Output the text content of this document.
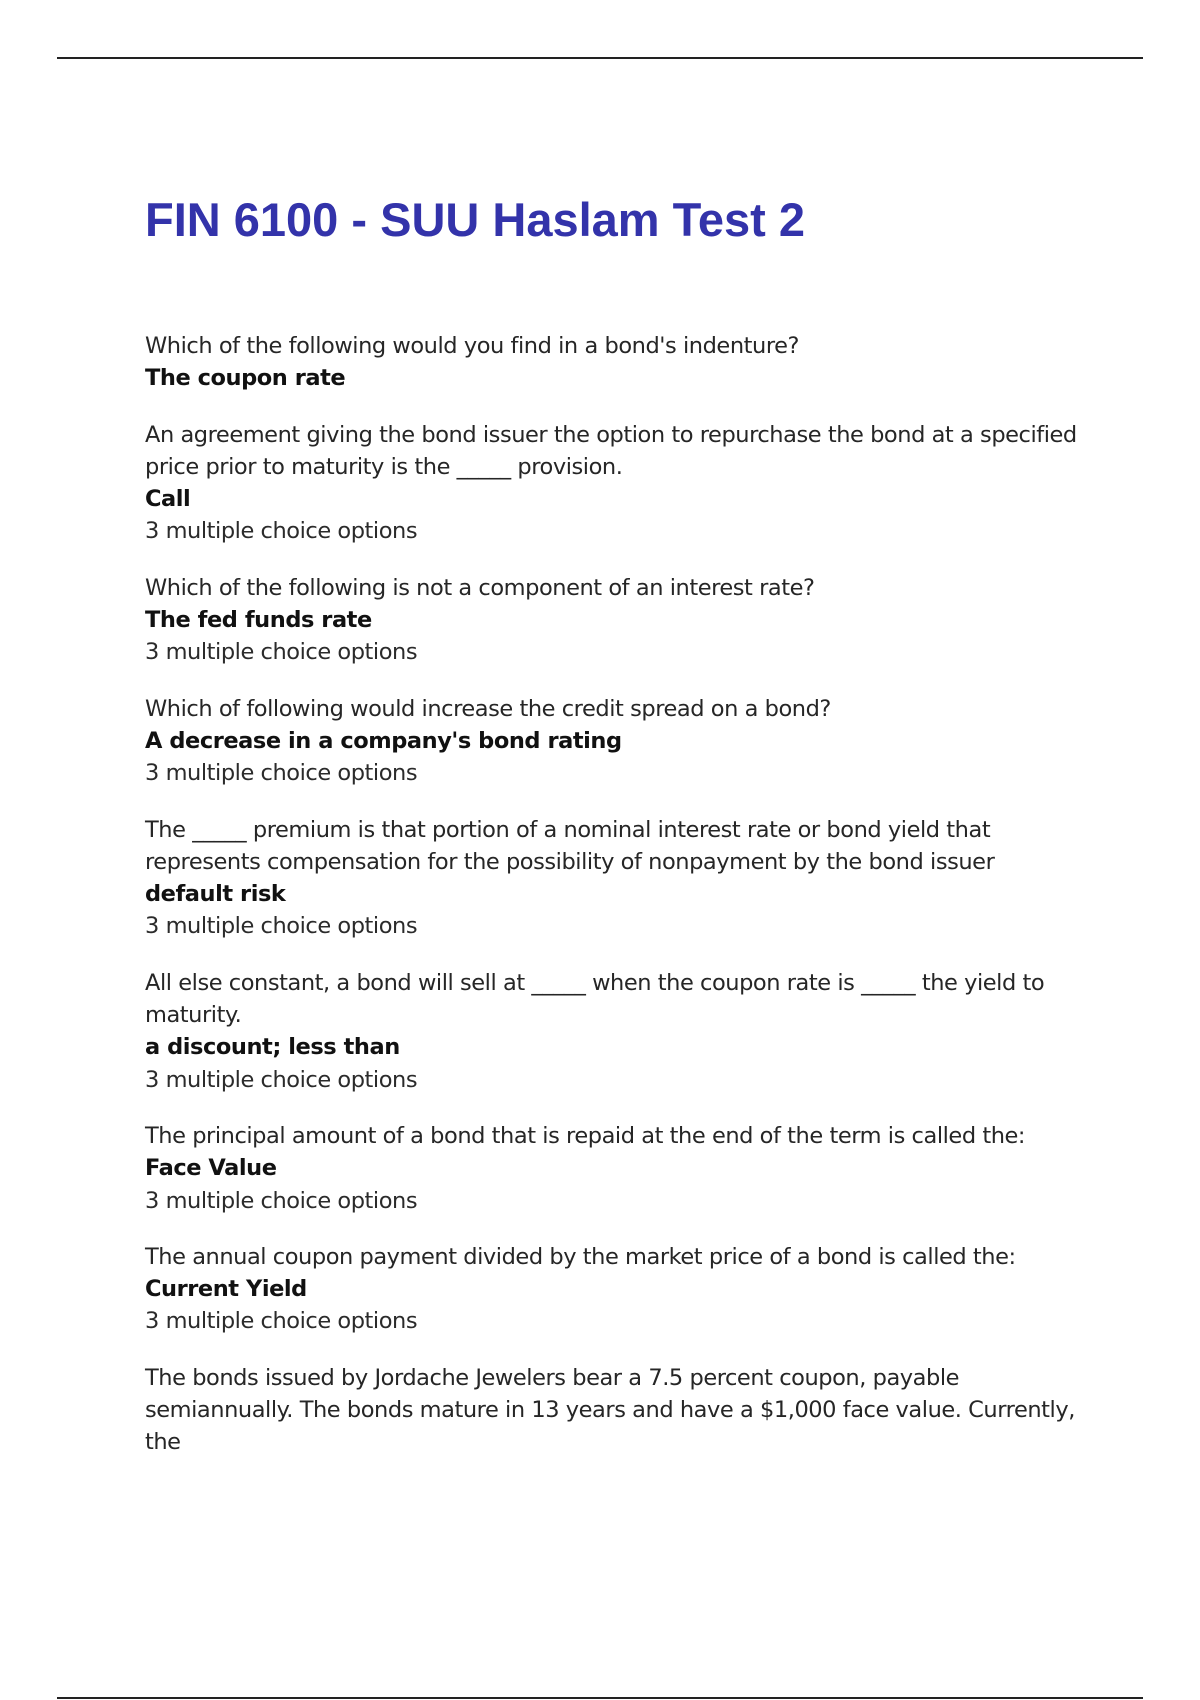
FIN 6100 - SUU Haslam Test 2
Which of the following would you find in a bond's indenture?
The coupon rate
An agreement giving the bond issuer the option to repurchase the bond at a specified price prior to maturity is the _____ provision.
Call
3 multiple choice options
Which of the following is not a component of an interest rate?
The fed funds rate
3 multiple choice options
Which of following would increase the credit spread on a bond?
A decrease in a company's bond rating
3 multiple choice options
The _____ premium is that portion of a nominal interest rate or bond yield that represents compensation for the possibility of nonpayment by the bond issuer
default risk
3 multiple choice options
All else constant, a bond will sell at _____ when the coupon rate is _____ the yield to maturity.
a discount; less than
3 multiple choice options
The principal amount of a bond that is repaid at the end of the term is called the:
Face Value
3 multiple choice options
The annual coupon payment divided by the market price of a bond is called the:
Current Yield
3 multiple choice options
The bonds issued by Jordache Jewelers bear a 7.5 percent coupon, payable semiannually. The bonds mature in 13 years and have a $1,000 face value. Currently, the
